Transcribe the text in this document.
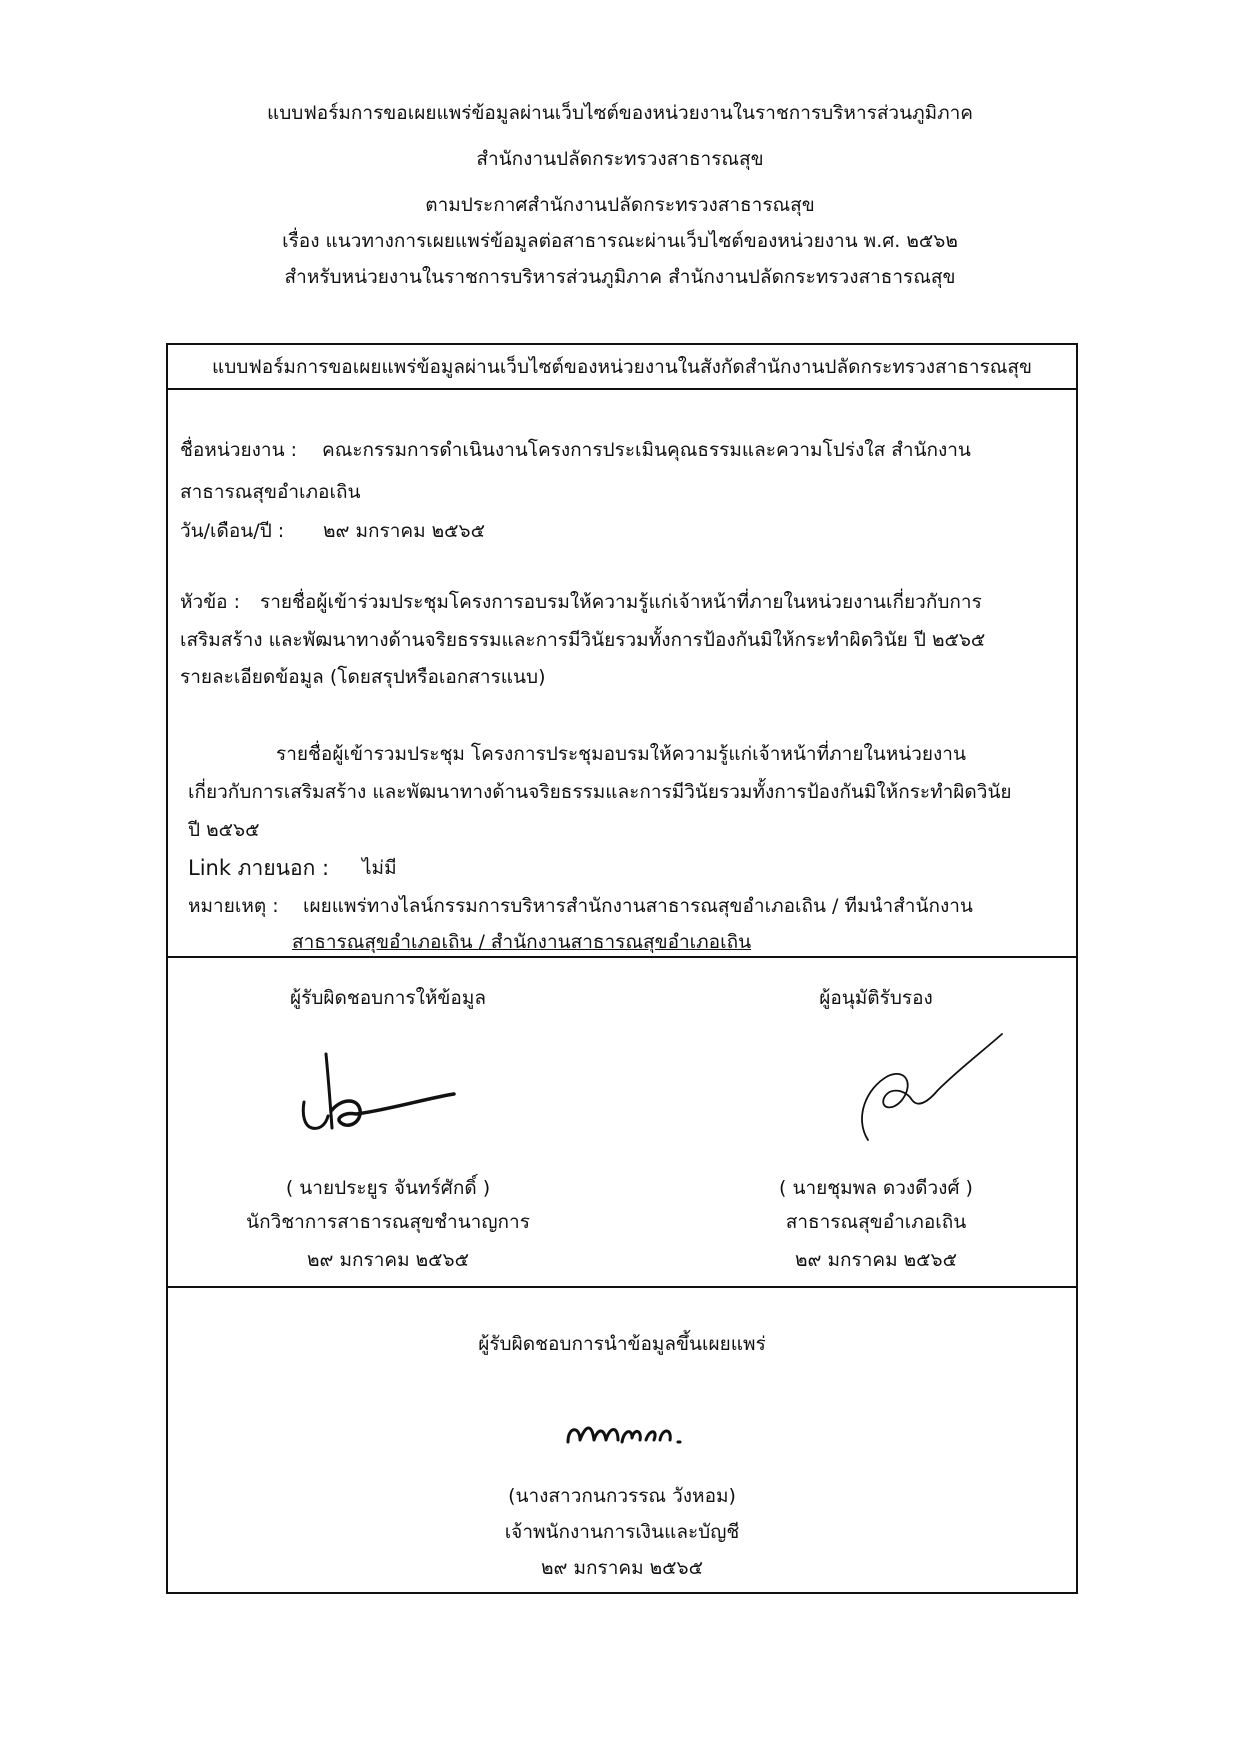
แบบฟอร์มการขอเผยแพร่ข้อมูลผ่านเว็บไซต์ของหน่วยงานในราชการบริหารส่วนภูมิภาค
สำนักงานปลัดกระทรวงสาธารณสุข
ตามประกาศสำนักงานปลัดกระทรวงสาธารณสุข
เรื่อง แนวทางการเผยแพร่ข้อมูลต่อสาธารณะผ่านเว็บไซต์ของหน่วยงาน พ.ศ. ๒๕๖๒
สำหรับหน่วยงานในราชการบริหารส่วนภูมิภาค สำนักงานปลัดกระทรวงสาธารณสุข
แบบฟอร์มการขอเผยแพร่ข้อมูลผ่านเว็บไซต์ของหน่วยงานในสังกัดสำนักงานปลัดกระทรวงสาธารณสุข
ชื่อหน่วยงาน : คณะกรรมการดำเนินงานโครงการประเมินคุณธรรมและความโปร่งใส สำนักงาน
สาธารณสุขอำเภอเถิน
วัน/เดือน/ปี : ๒๙ มกราคม ๒๕๖๕
หัวข้อ : รายชื่อผู้เข้าร่วมประชุมโครงการอบรมให้ความรู้แก่เจ้าหน้าที่ภายในหน่วยงานเกี่ยวกับการ
เสริมสร้าง และพัฒนาทางด้านจริยธรรมและการมีวินัยรวมทั้งการป้องกันมิให้กระทำผิดวินัย ปี ๒๕๖๕
รายละเอียดข้อมูล (โดยสรุปหรือเอกสารแนบ)
รายชื่อผู้เข้ารวมประชุม โครงการประชุมอบรมให้ความรู้แก่เจ้าหน้าที่ภายในหน่วยงาน
เกี่ยวกับการเสริมสร้าง และพัฒนาทางด้านจริยธรรมและการมีวินัยรวมทั้งการป้องกันมิให้กระทำผิดวินัย
ปี ๒๕๖๕
Link ภายนอก : ไม่มี
หมายเหตุ : เผยแพร่ทางไลน์กรรมการบริหารสำนักงานสาธารณสุขอำเภอเถิน / ทีมนำสำนักงาน
สาธารณสุขอำเภอเถิน / สำนักงานสาธารณสุขอำเภอเถิน
ผู้รับผิดชอบการให้ข้อมูล
( นายประยูร จันทร์ศักดิ์ )
นักวิชาการสาธารณสุขชำนาญการ
๒๙ มกราคม ๒๕๖๕
ผู้อนุมัติรับรอง
( นายชุมพล ดวงดีวงศ์ )
สาธารณสุขอำเภอเถิน
๒๙ มกราคม ๒๕๖๕
ผู้รับผิดชอบการนำข้อมูลขึ้นเผยแพร่
(นางสาวกนกวรรณ วังหอม)
เจ้าพนักงานการเงินและบัญชี
๒๙ มกราคม ๒๕๖๕
